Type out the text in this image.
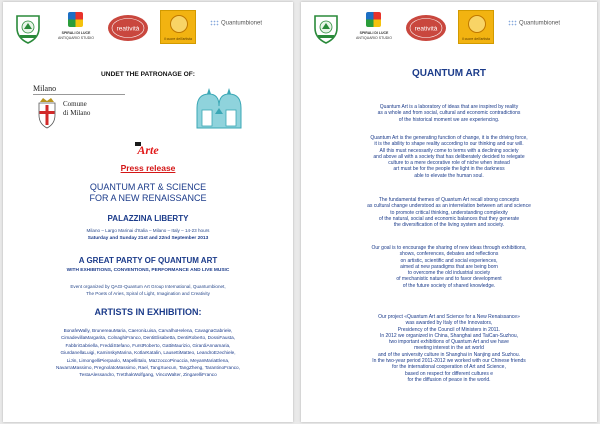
SPIRALI DI LUCE
ANTIQUARIO STUDIO
reatività
il cuore dell'artista
Quantumbionet
UNDET THE PATRONAGE OF:
Milano
Comune
di Milano
Arte
Press release
QUANTUM ART & SCIENCE
FOR A NEW RENAISSANCE
PALAZZINA LIBERTY
Milano – Largo Marinai d'Italia – Milano – Italy – 14-23 hours
Saturday and Sunday 21st and 22nd September 2013
A GREAT PARTY OF QUANTUM ART
WITH EXHIBITIONS, CONVENTIONS, PERFORMANCE AND LIVE MUSIC
Event organized by QAGI-Quantum Art Group International, Quantumbionet,
The Poets of Aries, Spiral of Light, Imagination and Creativity
ARTISTS IN EXHIBITION:
BonafeWally, BrunereauMaria, CaeroniLuisa, CarvalhoHelena, CavagnaGabriele,
CimadevillaMargarita, ColnaghiFranco, DentiElisabetta, DentiRoberto, DossiFausta,
FabbriGabriella, FreddiStefano, FurstRoberto, GattiMaurizio, GirardiAnnamaria,
GiurdanellaLuigi, KaminskyMarina, KotlarKatalin, LausettiMatteo, LeandroEzechiele,
LiJin, LimongelliPierpaolo, MapelliItalo, MazzoccoPinuccia, MeyanMariaElena,
NavarraMassimo, PregnolatoMassimo, Rael, TangXuecun, TangZheng, TarantinoFranco,
TestaAlessandro, TretthakWolfgang, VincoWalter, ZingarelliFranco
SPIRALI DI LUCE
ANTIQUARIO STUDIO
reatività
il cuore dell'artista
Quantumbionet
QUANTUM ART
Quantum Art is a laboratory of ideas that are inspired by reality
as a whole and from social, cultural and economic contradictions
of the historical moment we are experiencing.
Quantum Art is the generating function of change, it is the driving force,
it is the ability to shape reality according to our thinking and our will.
All this must necessarily come to terms with a declining society
and above all with a society that has deliberately decided to relegate
culture to a mere decorative role of niche when instead
art must be for the people the light in the darkness
able to elevate the human soul.
The fundamental themes of Quantum Art recall strong concepts
as cultural change understood as an interrelation between art and science
to promote critical thinking, understanding complexity
of the natural, social and economic balances that they generate
the diversification of the living system and society.
Our goal is to encourage the sharing of new ideas through exhibitions,
shows, conferences, debates and reflections
on artistic, scientific and social experiences,
aimed at new paradigms that are being born
to overcome the old industrial society
of mechanistic nature and to favor development
of the future society of shared knowledge.
Our project «Quantum Art and Science for a New Renaissance»
was awarded by Italy of the Innovators,
Presidency of the Council of Ministers in 2011.
In 2012 we organized in China, Shanghai and TaiCan-Suzhou,
two important exhibitions of Quantum Art and we have
meeting interest in the art world
and of the university culture in Shanghai in Nanjing and Suzhou.
In the two-year period 2011-2012 we worked with our Chinese friends
for the international cooperation of Art and Science,
based on respect for different cultures e
for the diffusion of peace in the world.
